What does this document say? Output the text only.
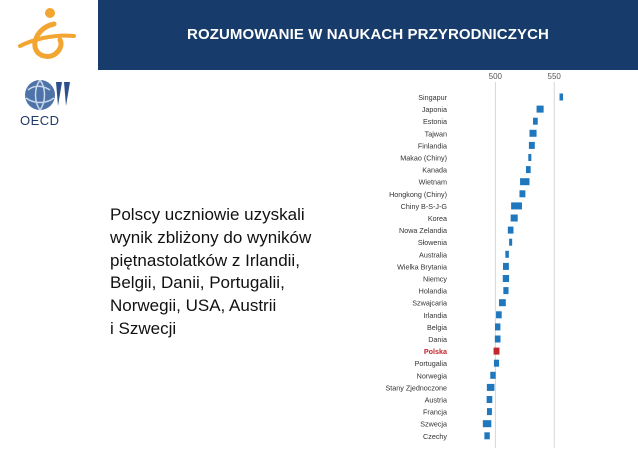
ROZUMOWANIE W NAUKACH PRZYRODNICZYCH
OECD
Polscy uczniowie uzyskali
wynik zbliżony do wyników
piętnastolatków z Irlandii,
Belgii, Danii, Portugalii,
Norwegii, USA, Austrii
i Szwecji
500	550
Singapur
Japonia
Estonia
Tajwan
Finlandia
Makao (Chiny)
Kanada
Wietnam
Hongkong (Chiny)
Chiny B-S-J-G
Korea
Nowa Zelandia
Słowenia
Australia
Wielka Brytania
Niemcy
Holandia
Szwajcaria
Irlandia
Belgia
Dania
Polska
Portugalia
Norwegia
Stany Zjednoczone
Austria
Francja
Szwecja
Czechy
